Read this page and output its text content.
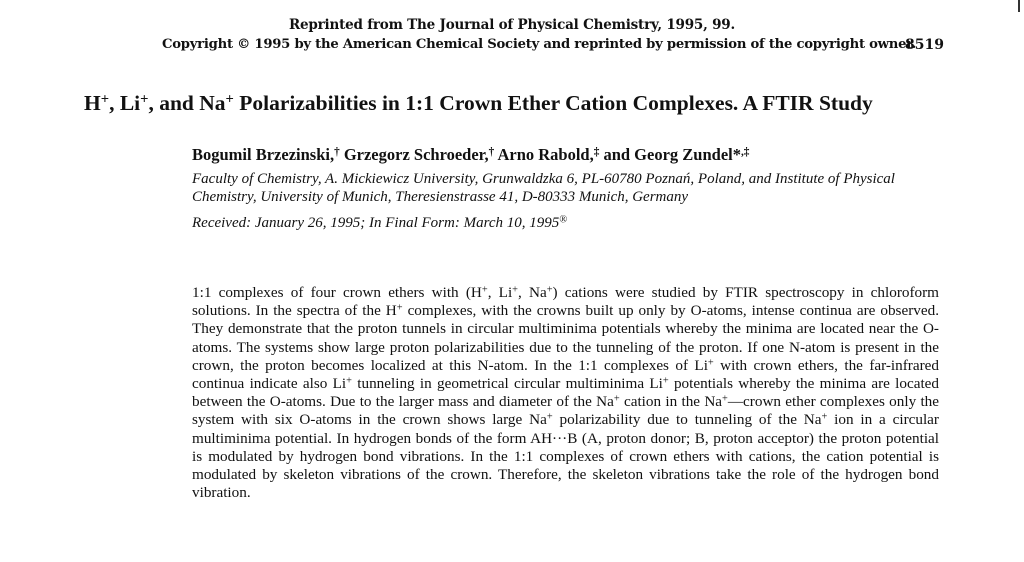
Reprinted from The Journal of Physical Chemistry, 1995, 99.
Copyright © 1995 by the American Chemical Society and reprinted by permission of the copyright owner.
8519
H+, Li+, and Na+ Polarizabilities in 1:1 Crown Ether Cation Complexes. A FTIR Study
Bogumil Brzezinski,† Grzegorz Schroeder,† Arno Rabold,‡ and Georg Zundel*,‡
Faculty of Chemistry, A. Mickiewicz University, Grunwaldzka 6, PL-60780 Poznań, Poland, and Institute of Physical Chemistry, University of Munich, Theresienstrasse 41, D-80333 Munich, Germany
Received: January 26, 1995; In Final Form: March 10, 1995®
1:1 complexes of four crown ethers with (H+, Li+, Na+) cations were studied by FTIR spectroscopy in chloroform solutions. In the spectra of the H+ complexes, with the crowns built up only by O-atoms, intense continua are observed. They demonstrate that the proton tunnels in circular multiminima potentials whereby the minima are located near the O-atoms. The systems show large proton polarizabilities due to the tunneling of the proton. If one N-atom is present in the crown, the proton becomes localized at this N-atom. In the 1:1 complexes of Li+ with crown ethers, the far-infrared continua indicate also Li+ tunneling in geometrical circular multiminima Li+ potentials whereby the minima are located between the O-atoms. Due to the larger mass and diameter of the Na+ cation in the Na+—crown ether complexes only the system with six O-atoms in the crown shows large Na+ polarizability due to tunneling of the Na+ ion in a circular multiminima potential. In hydrogen bonds of the form AH···B (A, proton donor; B, proton acceptor) the proton potential is modulated by hydrogen bond vibrations. In the 1:1 complexes of crown ethers with cations, the cation potential is modulated by skeleton vibrations of the crown. Therefore, the skeleton vibrations take the role of the hydrogen bond vibration.
